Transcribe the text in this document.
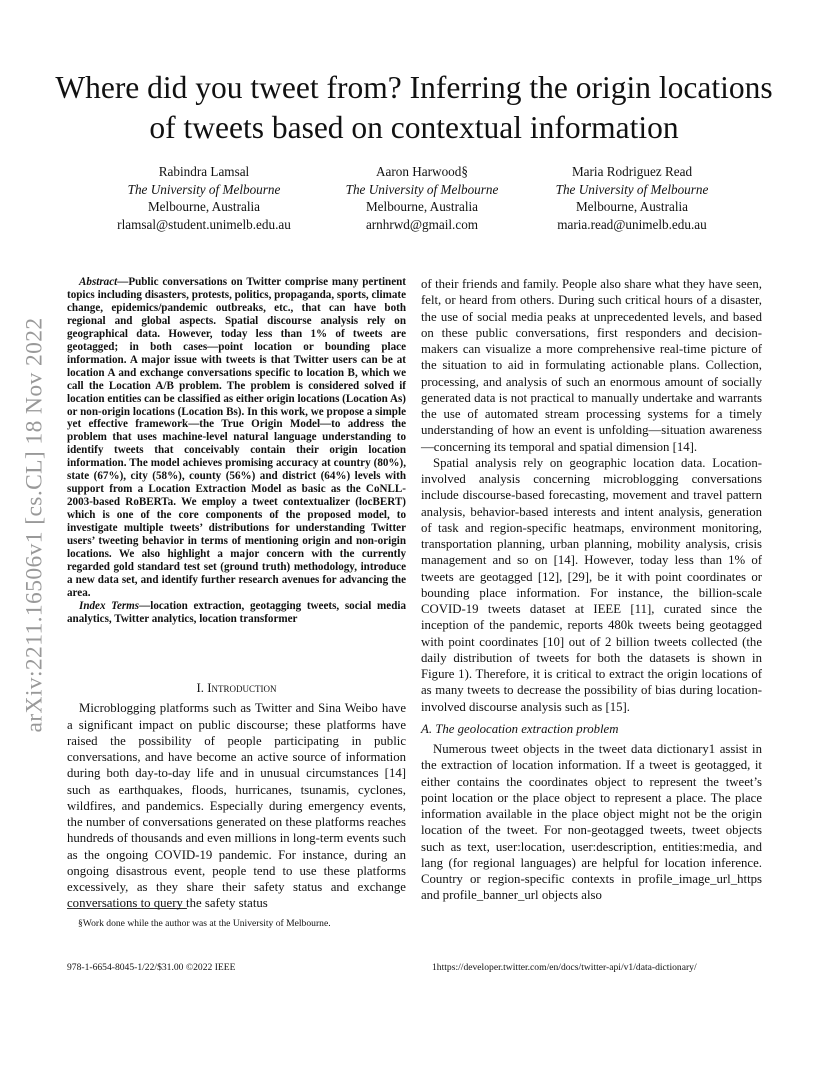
Where did you tweet from? Inferring the origin locations of tweets based on contextual information
Rabindra Lamsal
The University of Melbourne
Melbourne, Australia
rlamsal@student.unimelb.edu.au
Aaron Harwood§
The University of Melbourne
Melbourne, Australia
arnhrwd@gmail.com
Maria Rodriguez Read
The University of Melbourne
Melbourne, Australia
maria.read@unimelb.edu.au
arXiv:2211.16506v1 [cs.CL] 18 Nov 2022

Abstract—Public conversations on Twitter comprise many pertinent topics including disasters, protests, politics, propaganda, sports, climate change, epidemics/pandemic outbreaks, etc., that can have both regional and global aspects. Spatial discourse analysis rely on geographical data. However, today less than 1% of tweets are geotagged; in both cases—point location or bounding place information. A major issue with tweets is that Twitter users can be at location A and exchange conversations specific to location B, which we call the Location A/B problem. The problem is considered solved if location entities can be classified as either origin locations (Location As) or non-origin locations (Location Bs). In this work, we propose a simple yet effective framework—the True Origin Model—to address the problem that uses machine-level natural language understanding to identify tweets that conceivably contain their origin location information. The model achieves promising accuracy at country (80%), state (67%), city (58%), county (56%) and district (64%) levels with support from a Location Extraction Model as basic as the CoNLL-2003-based RoBERTa. We employ a tweet contextualizer (locBERT) which is one of the core components of the proposed model, to investigate multiple tweets’ distributions for understanding Twitter users’ tweeting behavior in terms of mentioning origin and non-origin locations. We also highlight a major concern with the currently regarded gold standard test set (ground truth) methodology, introduce a new data set, and identify further research avenues for advancing the area.

Index Terms—location extraction, geotagging tweets, social media analytics, Twitter analytics, location transformer

I. Introduction

Microblogging platforms such as Twitter and Sina Weibo have a significant impact on public discourse; these platforms have raised the possibility of people participating in public conversations, and have become an active source of information during both day-to-day life and in unusual circumstances [14] such as earthquakes, floods, hurricanes, tsunamis, cyclones, wildfires, and pandemics. Especially during emergency events, the number of conversations generated on these platforms reaches hundreds of thousands and even millions in long-term events such as the ongoing COVID-19 pandemic. For instance, during an ongoing disastrous event, people tend to use these platforms excessively, as they share their safety status and exchange conversations to query the safety status

of their friends and family. People also share what they have seen, felt, or heard from others. During such critical hours of a disaster, the use of social media peaks at unprecedented levels, and based on these public conversations, first responders and decision-makers can visualize a more comprehensive real-time picture of the situation to aid in formulating actionable plans. Collection, processing, and analysis of such an enormous amount of socially generated data is not practical to manually undertake and warrants the use of automated stream processing systems for a timely understanding of how an event is unfolding—situation awareness—concerning its temporal and spatial dimension [14].

Spatial analysis rely on geographic location data. Location-involved analysis concerning microblogging conversations include discourse-based forecasting, movement and travel pattern analysis, behavior-based interests and intent analysis, generation of task and region-specific heatmaps, environment monitoring, transportation planning, urban planning, mobility analysis, crisis management and so on [14]. However, today less than 1% of tweets are geotagged [12], [29], be it with point coordinates or bounding place information. For instance, the billion-scale COVID-19 tweets dataset at IEEE [11], curated since the inception of the pandemic, reports 480k tweets being geotagged with point coordinates [10] out of 2 billion tweets collected (the daily distribution of tweets for both the datasets is shown in Figure 1). Therefore, it is critical to extract the origin locations of as many tweets to decrease the possibility of bias during location-involved discourse analysis such as [15].

A. The geolocation extraction problem

Numerous tweet objects in the tweet data dictionary1 assist in the extraction of location information. If a tweet is geotagged, it either contains the coordinates object to represent the tweet’s point location or the place object to represent a place. The place information available in the place object might not be the origin location of the tweet. For non-geotagged tweets, tweet objects such as text, user:location, user:description, entities:media, and lang (for regional languages) are helpful for location inference. Country or region-specific contexts in profile_image_url_https and profile_banner_url objects also

§Work done while the author was at the University of Melbourne.
978-1-6654-8045-1/22/$31.00 ©2022 IEEE	1https://developer.twitter.com/en/docs/twitter-api/v1/data-dictionary/
